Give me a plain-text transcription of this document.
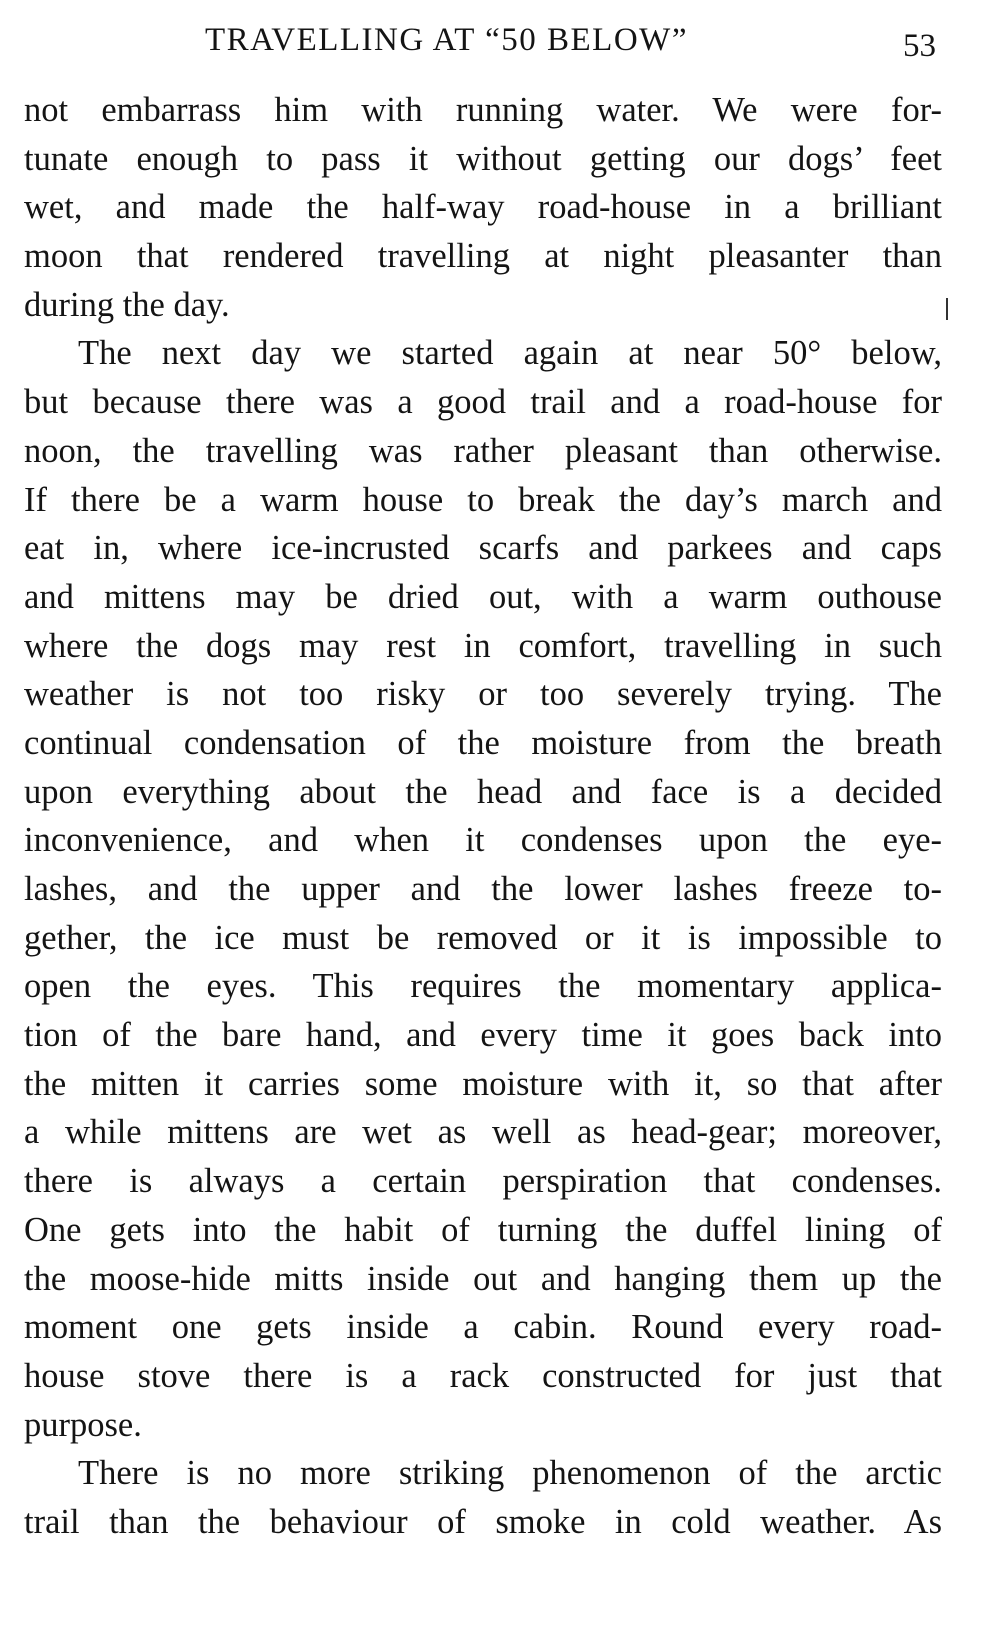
TRAVELLING AT “50 BELOW”	53
not embarrass him with running water. We were for-
tunate enough to pass it without getting our dogs’ feet
wet, and made the half-way road-house in a brilliant
moon that rendered travelling at night pleasanter than
during the day.
The next day we started again at near 50° below,
but because there was a good trail and a road-house for
noon, the travelling was rather pleasant than otherwise.
If there be a warm house to break the day’s march and
eat in, where ice-incrusted scarfs and parkees and caps
and mittens may be dried out, with a warm outhouse
where the dogs may rest in comfort, travelling in such
weather is not too risky or too severely trying. The
continual condensation of the moisture from the breath
upon everything about the head and face is a decided
inconvenience, and when it condenses upon the eye-
lashes, and the upper and the lower lashes freeze to-
gether, the ice must be removed or it is impossible to
open the eyes. This requires the momentary applica-
tion of the bare hand, and every time it goes back into
the mitten it carries some moisture with it, so that after
a while mittens are wet as well as head-gear; moreover,
there is always a certain perspiration that condenses.
One gets into the habit of turning the duffel lining of
the moose-hide mitts inside out and hanging them up the
moment one gets inside a cabin. Round every road-
house stove there is a rack constructed for just that
purpose.
There is no more striking phenomenon of the arctic
trail than the behaviour of smoke in cold weather. As
